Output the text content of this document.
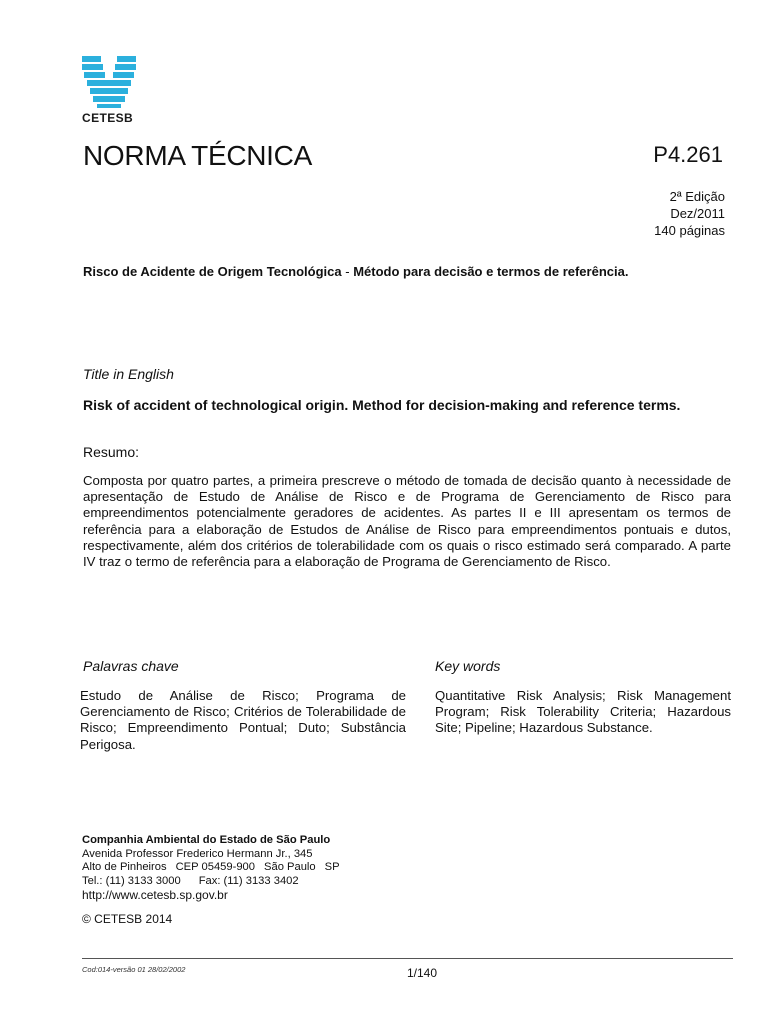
CETESB
NORMA TÉCNICA	P4.261
2ª Edição
Dez/2011
140 páginas
Risco de Acidente de Origem Tecnológica - Método para decisão e termos de referência.
Title in English
Risk of accident of technological origin. Method for decision-making and reference terms.
Resumo:
Composta por quatro partes, a primeira prescreve o método de tomada de decisão quanto à necessidade de apresentação de Estudo de Análise de Risco e de Programa de Gerenciamento de Risco para empreendimentos potencialmente geradores de acidentes. As partes II e III apresentam os termos de referência para a elaboração de Estudos de Análise de Risco para empreendimentos pontuais e dutos, respectivamente, além dos critérios de tolerabilidade com os quais o risco estimado será comparado. A parte IV traz o termo de referência para a elaboração de Programa de Gerenciamento de Risco.
Palavras chave	Key words
Estudo de Análise de Risco; Programa de Gerenciamento de Risco; Critérios de Tolerabilidade de Risco; Empreendimento Pontual; Duto; Substância Perigosa.
Quantitative Risk Analysis; Risk Management Program; Risk Tolerability Criteria; Hazardous Site; Pipeline; Hazardous Substance.
Companhia Ambiental do Estado de São Paulo
Avenida Professor Frederico Hermann Jr., 345
Alto de Pinheiros CEP 05459-900 São Paulo SP
Tel.: (11) 3133 3000 Fax: (11) 3133 3402
http://www.cetesb.sp.gov.br
© CETESB 2014
Cod:014-versão 01 28/02/2002	1/140
